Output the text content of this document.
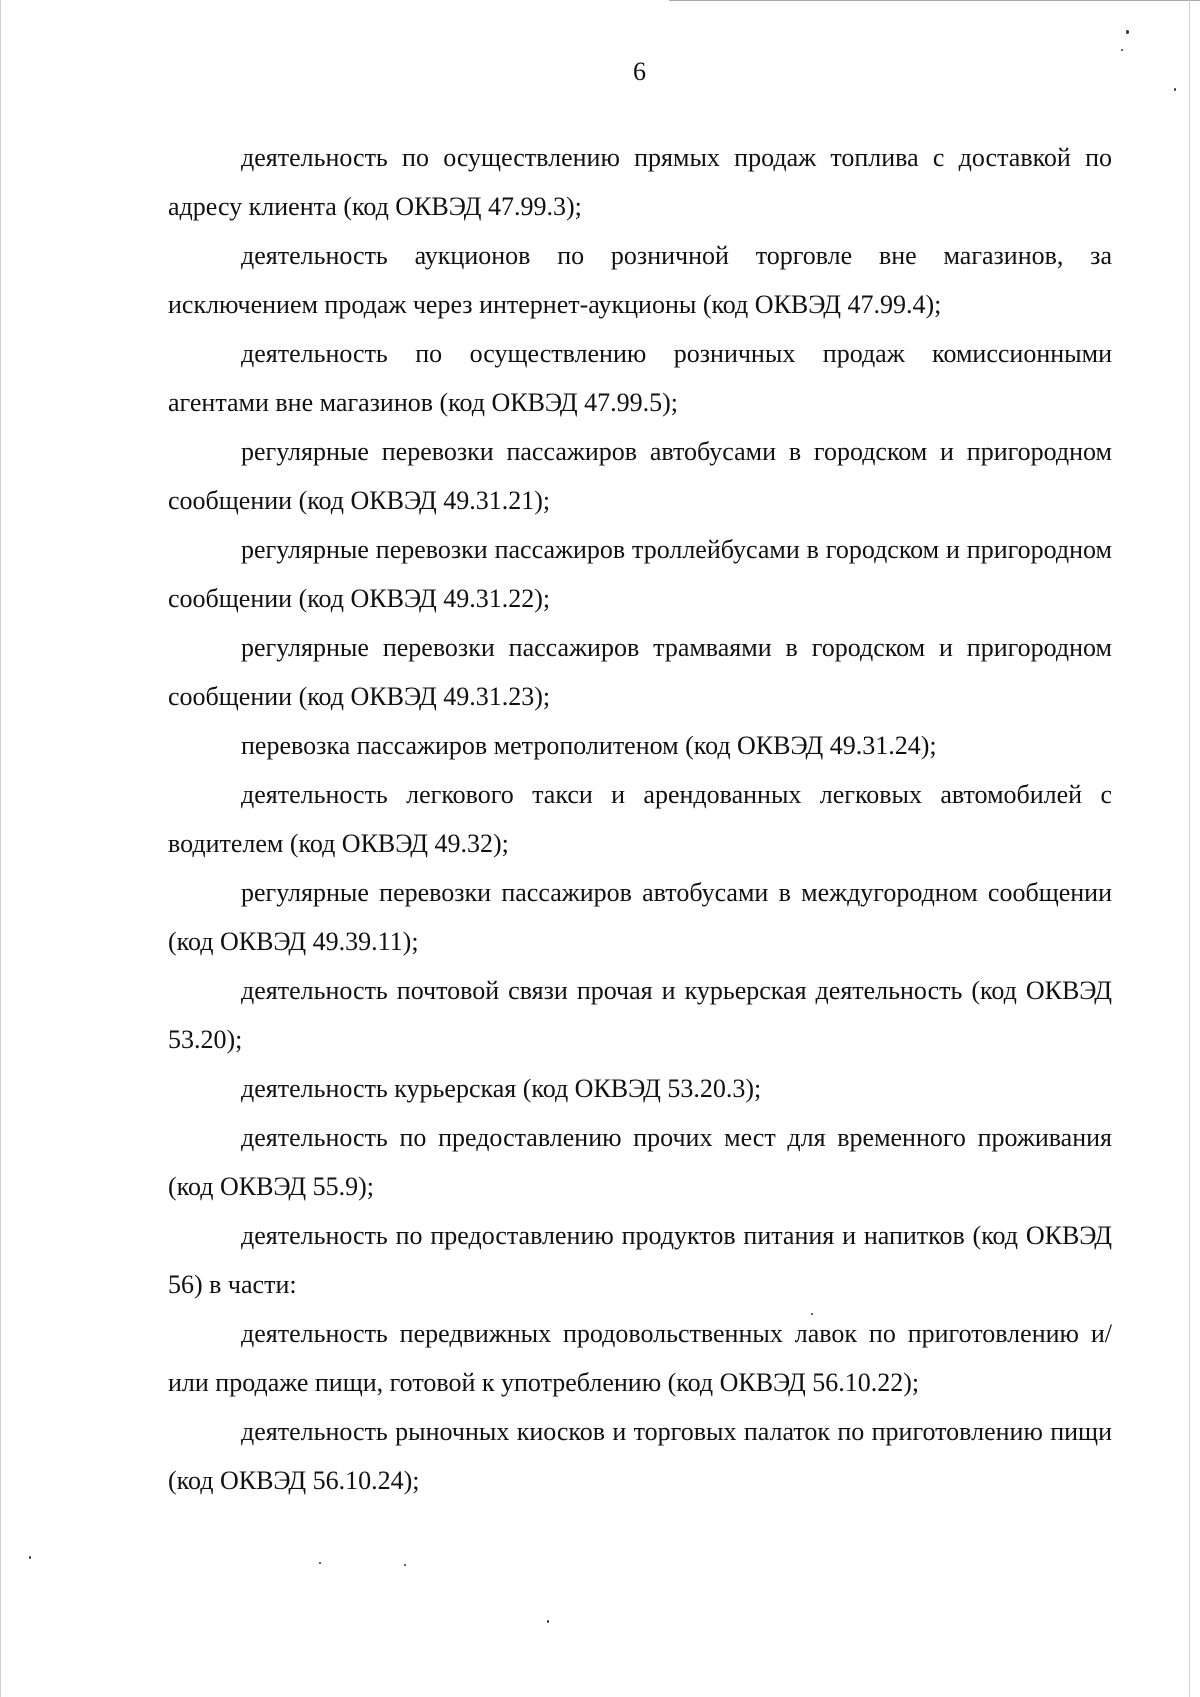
6

деятельность по осуществлению прямых продаж топлива с доставкой по адресу клиента (код ОКВЭД 47.99.3);

деятельность аукционов по розничной торговле вне магазинов, за исключением продаж через интернет-аукционы (код ОКВЭД 47.99.4);

деятельность по осуществлению розничных продаж комиссионными агентами вне магазинов (код ОКВЭД 47.99.5);

регулярные перевозки пассажиров автобусами в городском и пригородном сообщении (код ОКВЭД 49.31.21);

регулярные перевозки пассажиров троллейбусами в городском и пригородном сообщении (код ОКВЭД 49.31.22);

регулярные перевозки пассажиров трамваями в городском и пригородном сообщении (код ОКВЭД 49.31.23);

перевозка пассажиров метрополитеном (код ОКВЭД 49.31.24);

деятельность легкового такси и арендованных легковых автомобилей с водителем (код ОКВЭД 49.32);

регулярные перевозки пассажиров автобусами в междугородном сообщении (код ОКВЭД 49.39.11);

деятельность почтовой связи прочая и курьерская деятельность (код ОКВЭД 53.20);

деятельность курьерская (код ОКВЭД 53.20.3);

деятельность по предоставлению прочих мест для временного проживания (код ОКВЭД 55.9);

деятельность по предоставлению продуктов питания и напитков (код ОКВЭД 56) в части:

деятельность передвижных продовольственных лавок по приготовлению и/или продаже пищи, готовой к употреблению (код ОКВЭД 56.10.22);

деятельность рыночных киосков и торговых палаток по приготовлению пищи (код ОКВЭД 56.10.24);
